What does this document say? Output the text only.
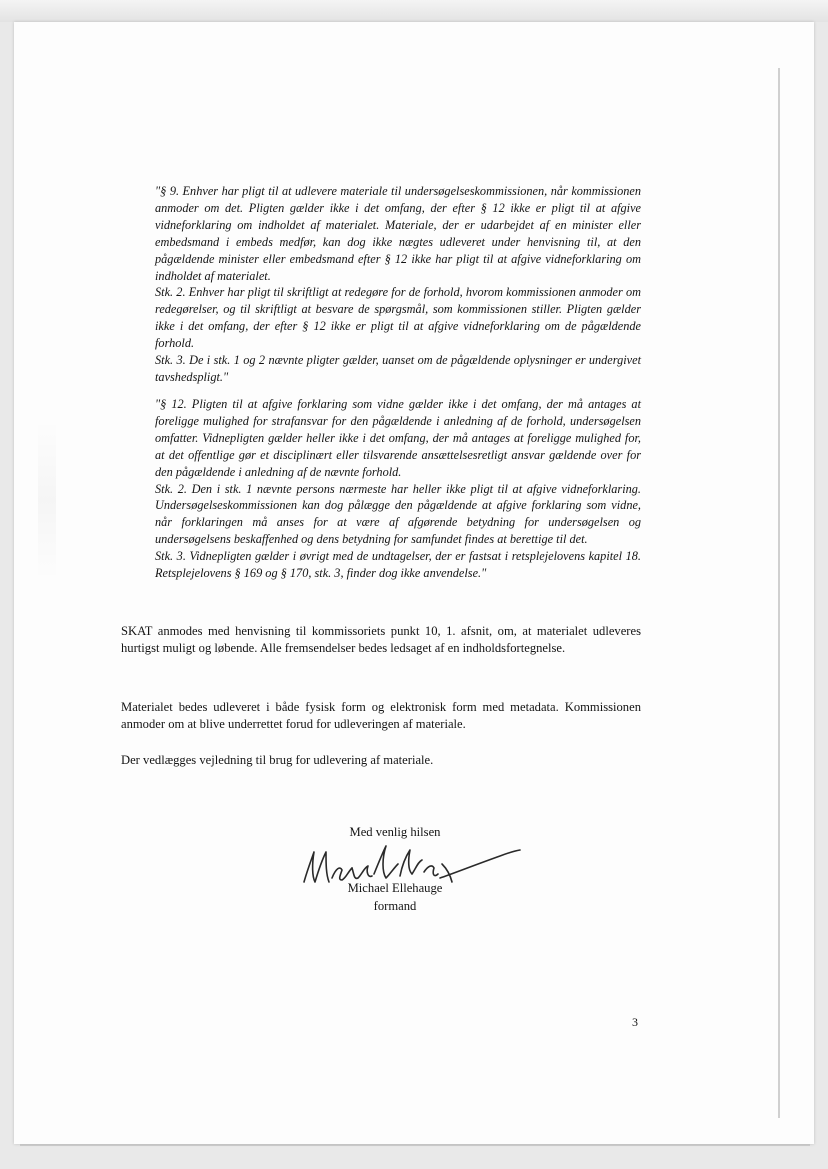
"§ 9. Enhver har pligt til at udlevere materiale til undersøgelseskommissionen, når kommissionen anmoder om det. Pligten gælder ikke i det omfang, der efter § 12 ikke er pligt til at afgive vidneforklaring om indholdet af materialet. Materiale, der er udarbejdet af en minister eller embedsmand i embeds medfør, kan dog ikke nægtes udleveret under henvisning til, at den pågældende minister eller embedsmand efter § 12 ikke har pligt til at afgive vidneforklaring om indholdet af materialet.

Stk. 2. Enhver har pligt til skriftligt at redegøre for de forhold, hvorom kommissionen anmoder om redegørelser, og til skriftligt at besvare de spørgsmål, som kommissionen stiller. Pligten gælder ikke i det omfang, der efter § 12 ikke er pligt til at afgive vidneforklaring om de pågældende forhold.

Stk. 3. De i stk. 1 og 2 nævnte pligter gælder, uanset om de pågældende oplysninger er undergivet tavshedspligt."

"§ 12. Pligten til at afgive forklaring som vidne gælder ikke i det omfang, der må antages at foreligge mulighed for strafansvar for den pågældende i anledning af de forhold, undersøgelsen omfatter. Vidnepligten gælder heller ikke i det omfang, der må antages at foreligge mulighed for, at det offentlige gør et disciplinært eller tilsvarende ansættelsesretligt ansvar gældende over for den pågældende i anledning af de nævnte forhold.

Stk. 2. Den i stk. 1 nævnte persons nærmeste har heller ikke pligt til at afgive vidneforklaring. Undersøgelseskommissionen kan dog pålægge den pågældende at afgive forklaring som vidne, når forklaringen må anses for at være af afgørende betydning for undersøgelsen og undersøgelsens beskaffenhed og dens betydning for samfundet findes at berettige til det.

Stk. 3. Vidnepligten gælder i øvrigt med de undtagelser, der er fastsat i retsplejelovens kapitel 18. Retsplejelovens § 169 og § 170, stk. 3, finder dog ikke anvendelse."

SKAT anmodes med henvisning til kommissoriets punkt 10, 1. afsnit, om, at materialet udleveres hurtigst muligt og løbende. Alle fremsendelser bedes ledsaget af en indholdsfortegnelse.

Materialet bedes udleveret i både fysisk form og elektronisk form med metadata. Kommissionen anmoder om at blive underrettet forud for udleveringen af materiale.

Der vedlægges vejledning til brug for udlevering af materiale.

Med venlig hilsen
Michael Ellehauge
formand
3
